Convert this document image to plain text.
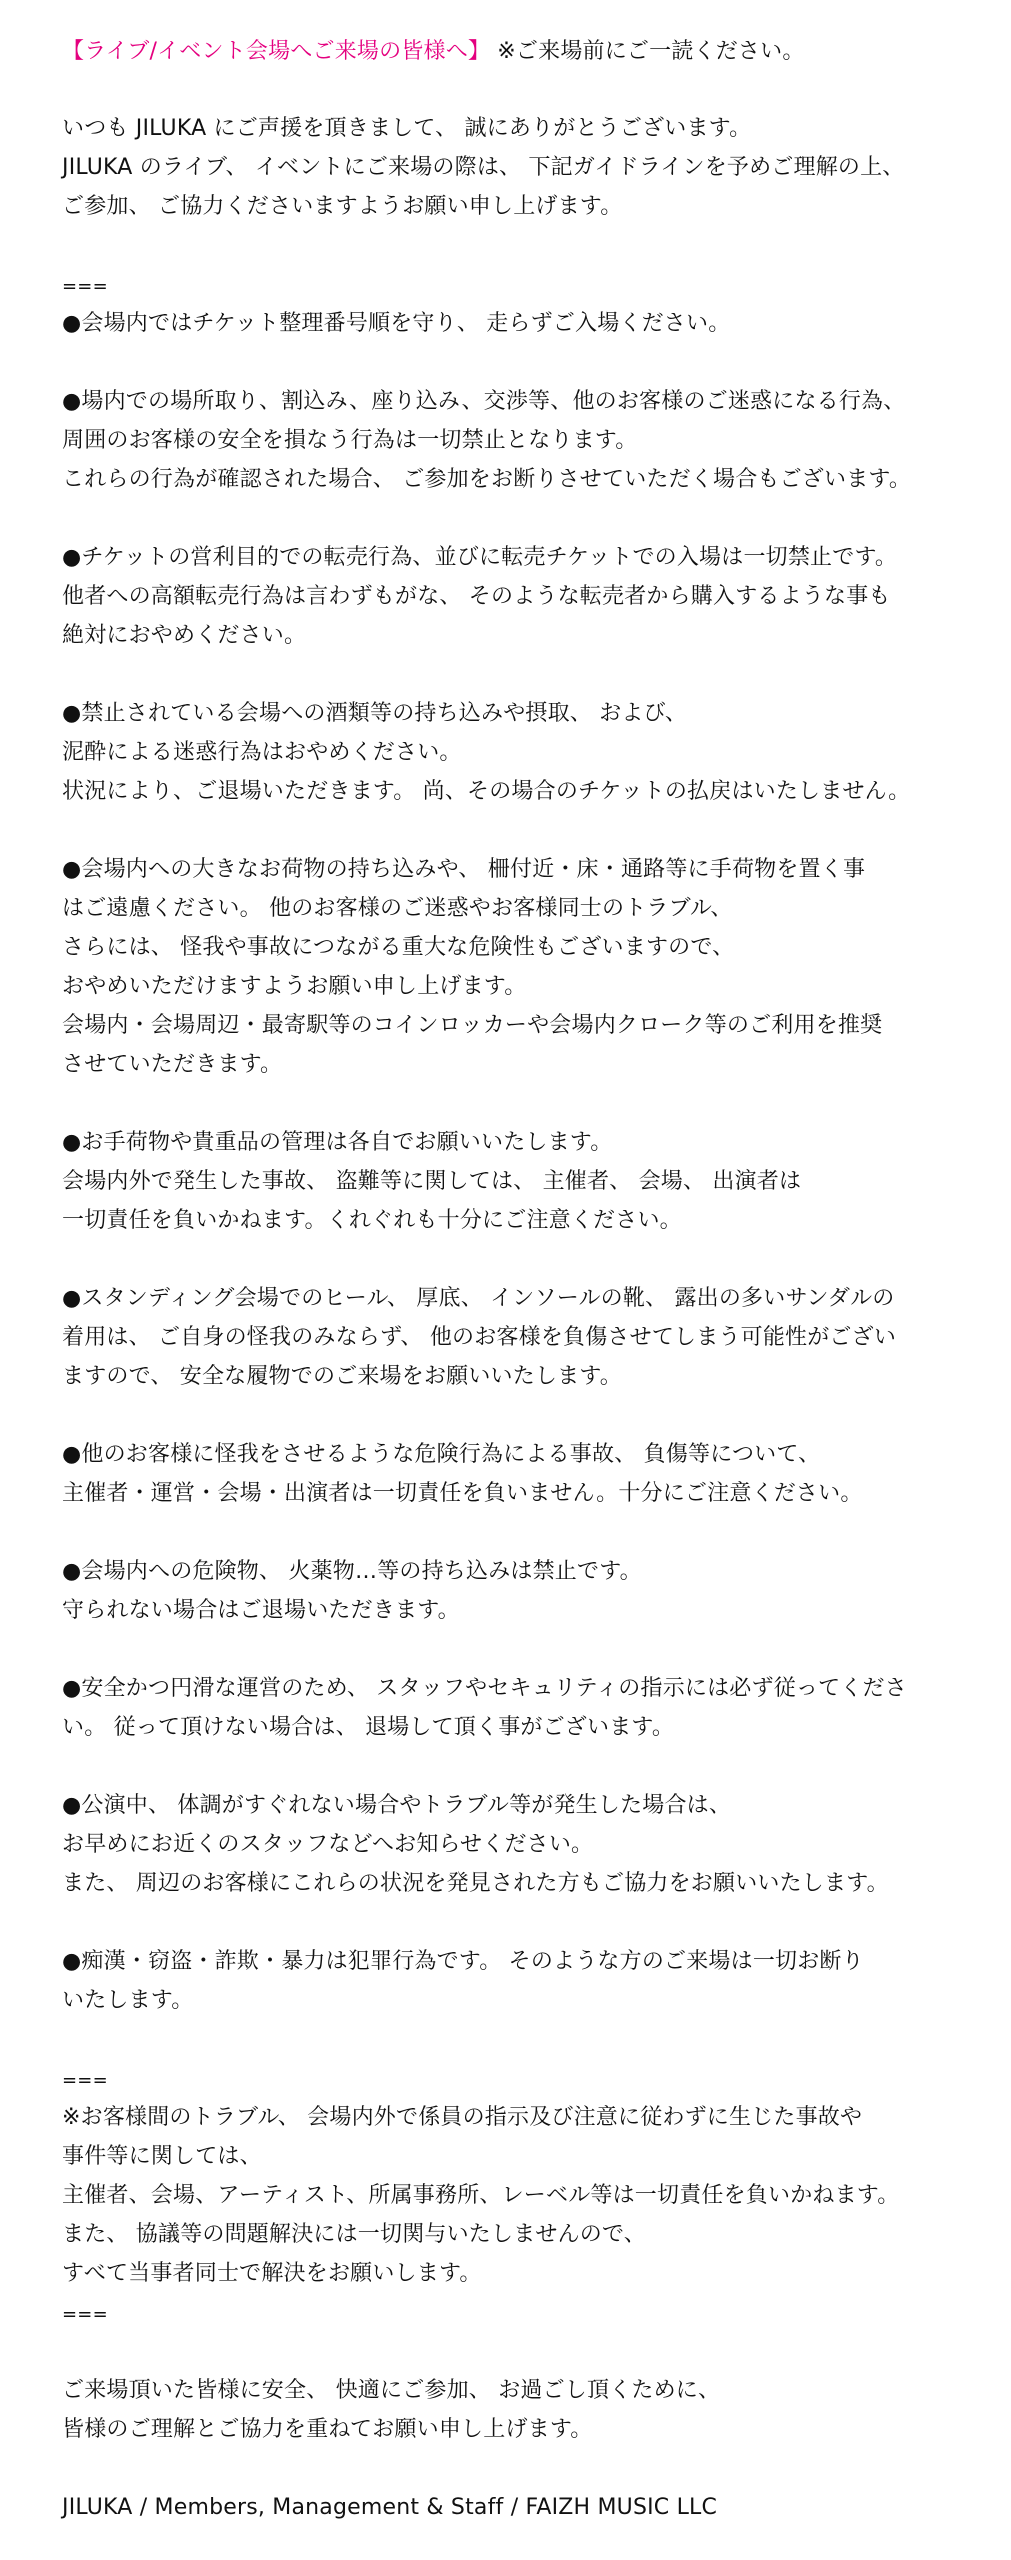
【ライブ/イベント会場へご来場の皆様へ】 ※ご来場前にご一読ください。
いつも JILUKA にご声援を頂きまして、 誠にありがとうございます。
JILUKA のライブ、 イベントにご来場の際は、 下記ガイドラインを予めご理解の上、
ご参加、 ご協力くださいますようお願い申し上げます。
===
●会場内ではチケット整理番号順を守り、 走らずご入場ください。
●場内での場所取り、割込み、座り込み、交渉等、他のお客様のご迷惑になる行為、
周囲のお客様の安全を損なう行為は一切禁止となります。
これらの行為が確認された場合、 ご参加をお断りさせていただく場合もございます。
●チケットの営利目的での転売行為、並びに転売チケットでの入場は一切禁止です。
他者への高額転売行為は言わずもがな、 そのような転売者から購入するような事も
絶対におやめください。
●禁止されている会場への酒類等の持ち込みや摂取、 および、
泥酔による迷惑行為はおやめください。
状況により、ご退場いただきます。 尚、その場合のチケットの払戻はいたしません。
●会場内への大きなお荷物の持ち込みや、 柵付近・床・通路等に手荷物を置く事
はご遠慮ください。 他のお客様のご迷惑やお客様同士のトラブル、
さらには、 怪我や事故につながる重大な危険性もございますので、
おやめいただけますようお願い申し上げます。
会場内・会場周辺・最寄駅等のコインロッカーや会場内クローク等のご利用を推奨
させていただきます。
●お手荷物や貴重品の管理は各自でお願いいたします。
会場内外で発生した事故、 盗難等に関しては、 主催者、 会場、 出演者は
一切責任を負いかねます。くれぐれも十分にご注意ください。
●スタンディング会場でのヒール、 厚底、 インソールの靴、 露出の多いサンダルの
着用は、 ご自身の怪我のみならず、 他のお客様を負傷させてしまう可能性がござい
ますので、 安全な履物でのご来場をお願いいたします。
●他のお客様に怪我をさせるような危険行為による事故、 負傷等について、
主催者・運営・会場・出演者は一切責任を負いません。十分にご注意ください。
●会場内への危険物、 火薬物…等の持ち込みは禁止です。
守られない場合はご退場いただきます。
●安全かつ円滑な運営のため、 スタッフやセキュリティの指示には必ず従ってくださ
い。 従って頂けない場合は、 退場して頂く事がございます。
●公演中、 体調がすぐれない場合やトラブル等が発生した場合は、
お早めにお近くのスタッフなどへお知らせください。
また、 周辺のお客様にこれらの状況を発見された方もご協力をお願いいたします。
●痴漢・窃盗・詐欺・暴力は犯罪行為です。 そのような方のご来場は一切お断り
いたします。
===
※お客様間のトラブル、 会場内外で係員の指示及び注意に従わずに生じた事故や
事件等に関しては、
主催者、会場、アーティスト、所属事務所、レーベル等は一切責任を負いかねます。
また、 協議等の問題解決には一切関与いたしませんので、
すべて当事者同士で解決をお願いします。
===
ご来場頂いた皆様に安全、 快適にご参加、 お過ごし頂くために、
皆様のご理解とご協力を重ねてお願い申し上げます。
JILUKA / Members, Management & Staff / FAIZH MUSIC LLC
